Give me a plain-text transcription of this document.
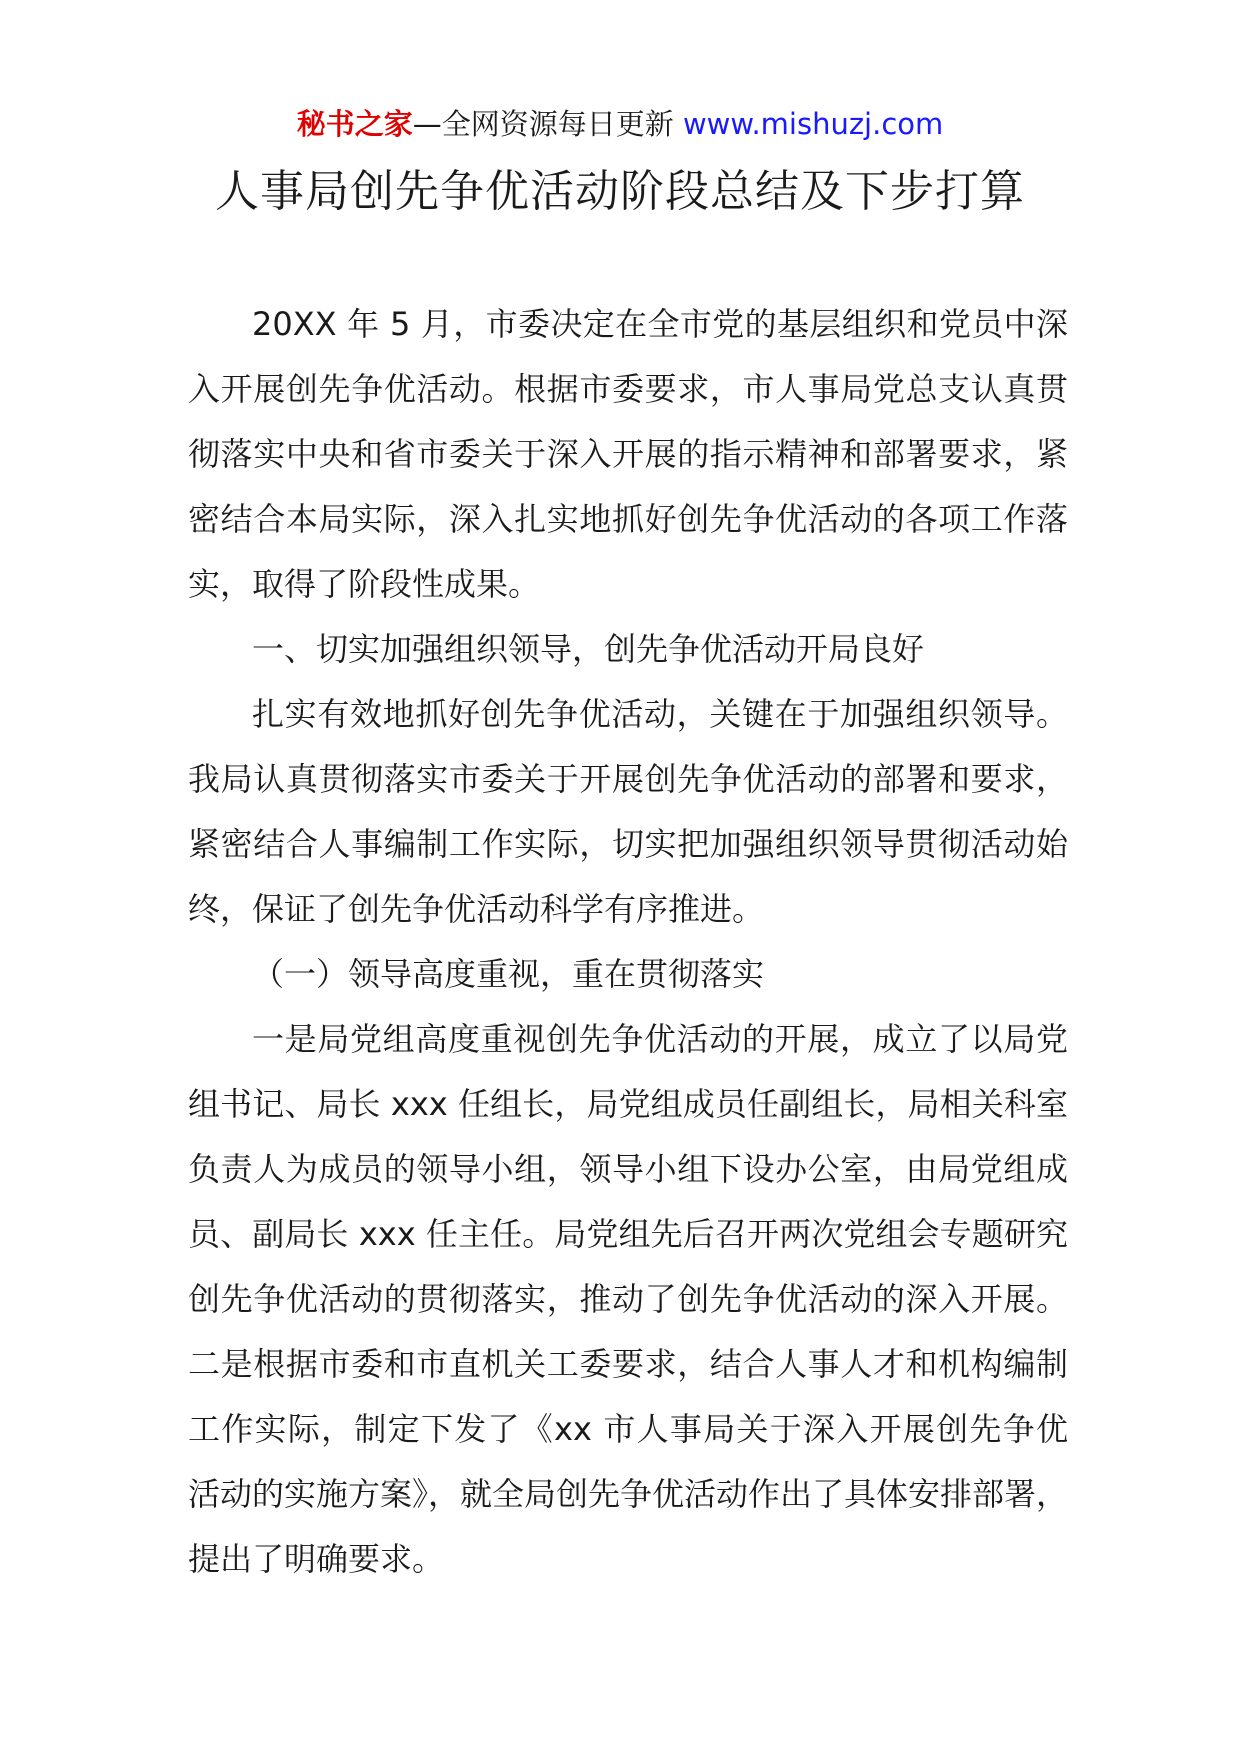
秘书之家—全网资源每日更新 www.mishuzj.com
人事局创先争优活动阶段总结及下步打算

20XX 年 5 月，市委决定在全市党的基层组织和党员中深入开展创先争优活动。根据市委要求，市人事局党总支认真贯彻落实中央和省市委关于深入开展的指示精神和部署要求，紧密结合本局实际，深入扎实地抓好创先争优活动的各项工作落实，取得了阶段性成果。

一、切实加强组织领导，创先争优活动开局良好

扎实有效地抓好创先争优活动，关键在于加强组织领导。我局认真贯彻落实市委关于开展创先争优活动的部署和要求，紧密结合人事编制工作实际，切实把加强组织领导贯彻活动始终，保证了创先争优活动科学有序推进。

（一）领导高度重视，重在贯彻落实

一是局党组高度重视创先争优活动的开展，成立了以局党组书记、局长 xxx 任组长，局党组成员任副组长，局相关科室负责人为成员的领导小组，领导小组下设办公室，由局党组成员、副局长 xxx 任主任。局党组先后召开两次党组会专题研究创先争优活动的贯彻落实，推动了创先争优活动的深入开展。二是根据市委和市直机关工委要求，结合人事人才和机构编制工作实际，制定下发了《xx 市人事局关于深入开展创先争优活动的实施方案》，就全局创先争优活动作出了具体安排部署，提出了明确要求。
